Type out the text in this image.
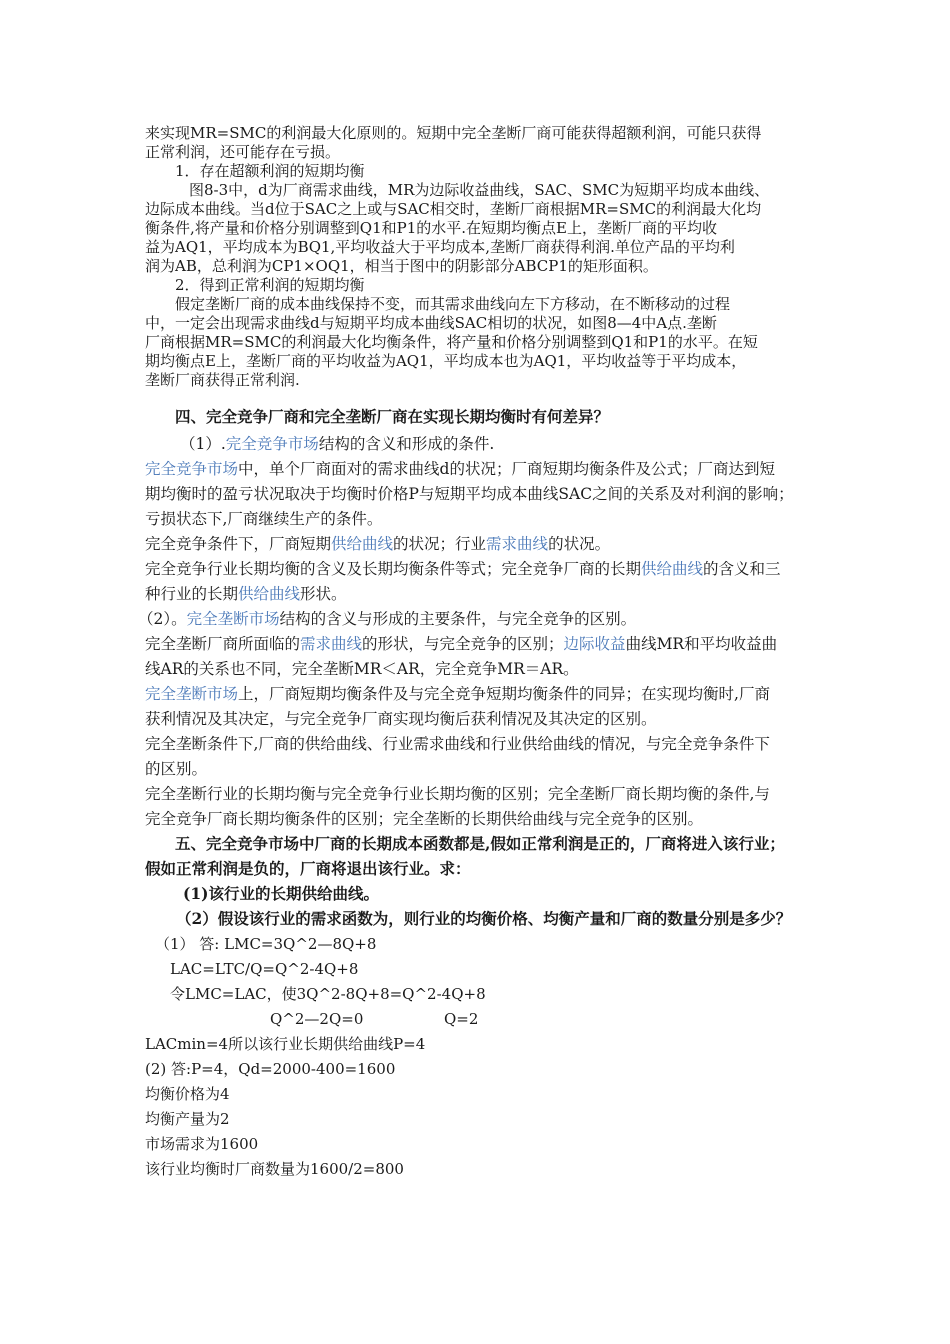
来实现MR=SMC的利润最大化原则的。短期中完全垄断厂商可能获得超额利润，可能只获得
正常利润，还可能存在亏损。
1．存在超额利润的短期均衡
图8-3中，d为厂商需求曲线，MR为边际收益曲线，SAC、SMC为短期平均成本曲线、
边际成本曲线。当d位于SAC之上或与SAC相交时，垄断厂商根据MR=SMC的利润最大化均
衡条件,将产量和价格分别调整到Q1和P1的水平.在短期均衡点E上，垄断厂商的平均收
益为AQ1，平均成本为BQ1,平均收益大于平均成本,垄断厂商获得利润.单位产品的平均利
润为AB，总利润为CP1×OQ1，相当于图中的阴影部分ABCP1的矩形面积。
2．得到正常利润的短期均衡
假定垄断厂商的成本曲线保持不变，而其需求曲线向左下方移动，在不断移动的过程
中，一定会出现需求曲线d与短期平均成本曲线SAC相切的状况，如图8—4中A点.垄断
厂商根据MR=SMC的利润最大化均衡条件，将产量和价格分别调整到Q1和P1的水平。在短
期均衡点E上，垄断厂商的平均收益为AQ1，平均成本也为AQ1，平均收益等于平均成本，
垄断厂商获得正常利润.
四、完全竞争厂商和完全垄断厂商在实现长期均衡时有何差异？
（1）.完全竞争市场结构的含义和形成的条件.
完全竞争市场中，单个厂商面对的需求曲线d的状况；厂商短期均衡条件及公式；厂商达到短
期均衡时的盈亏状况取决于均衡时价格P与短期平均成本曲线SAC之间的关系及对利润的影响；
亏损状态下,厂商继续生产的条件。
完全竞争条件下，厂商短期供给曲线的状况；行业需求曲线的状况。
完全竞争行业长期均衡的含义及长期均衡条件等式；完全竞争厂商的长期供给曲线的含义和三
种行业的长期供给曲线形状。
（2）。完全垄断市场结构的含义与形成的主要条件，与完全竞争的区别。
完全垄断厂商所面临的需求曲线的形状，与完全竞争的区别；边际收益曲线MR和平均收益曲
线AR的关系也不同，完全垄断MR＜AR，完全竞争MR＝AR。
完全垄断市场上，厂商短期均衡条件及与完全竞争短期均衡条件的同异；在实现均衡时,厂商
获利情况及其决定，与完全竞争厂商实现均衡后获利情况及其决定的区别。
完全垄断条件下,厂商的供给曲线、行业需求曲线和行业供给曲线的情况，与完全竞争条件下
的区别。
完全垄断行业的长期均衡与完全竞争行业长期均衡的区别；完全垄断厂商长期均衡的条件,与
完全竞争厂商长期均衡条件的区别；完全垄断的长期供给曲线与完全竞争的区别。
五、完全竞争市场中厂商的长期成本函数都是,假如正常利润是正的，厂商将进入该行业；
假如正常利润是负的，厂商将退出该行业。求：
(1)该行业的长期供给曲线。
（2）假设该行业的需求函数为，则行业的均衡价格、均衡产量和厂商的数量分别是多少？
（1） 答: LMC=3Q^2—8Q+8
LAC=LTC/Q=Q^2-4Q+8
令LMC=LAC，使3Q^2-8Q+8=Q^2-4Q+8
Q^2—2Q=0	Q=2
LACmin=4所以该行业长期供给曲线P=4
(2) 答:P=4，Qd=2000-400=1600
均衡价格为4
均衡产量为2
市场需求为1600
该行业均衡时厂商数量为1600/2=800
